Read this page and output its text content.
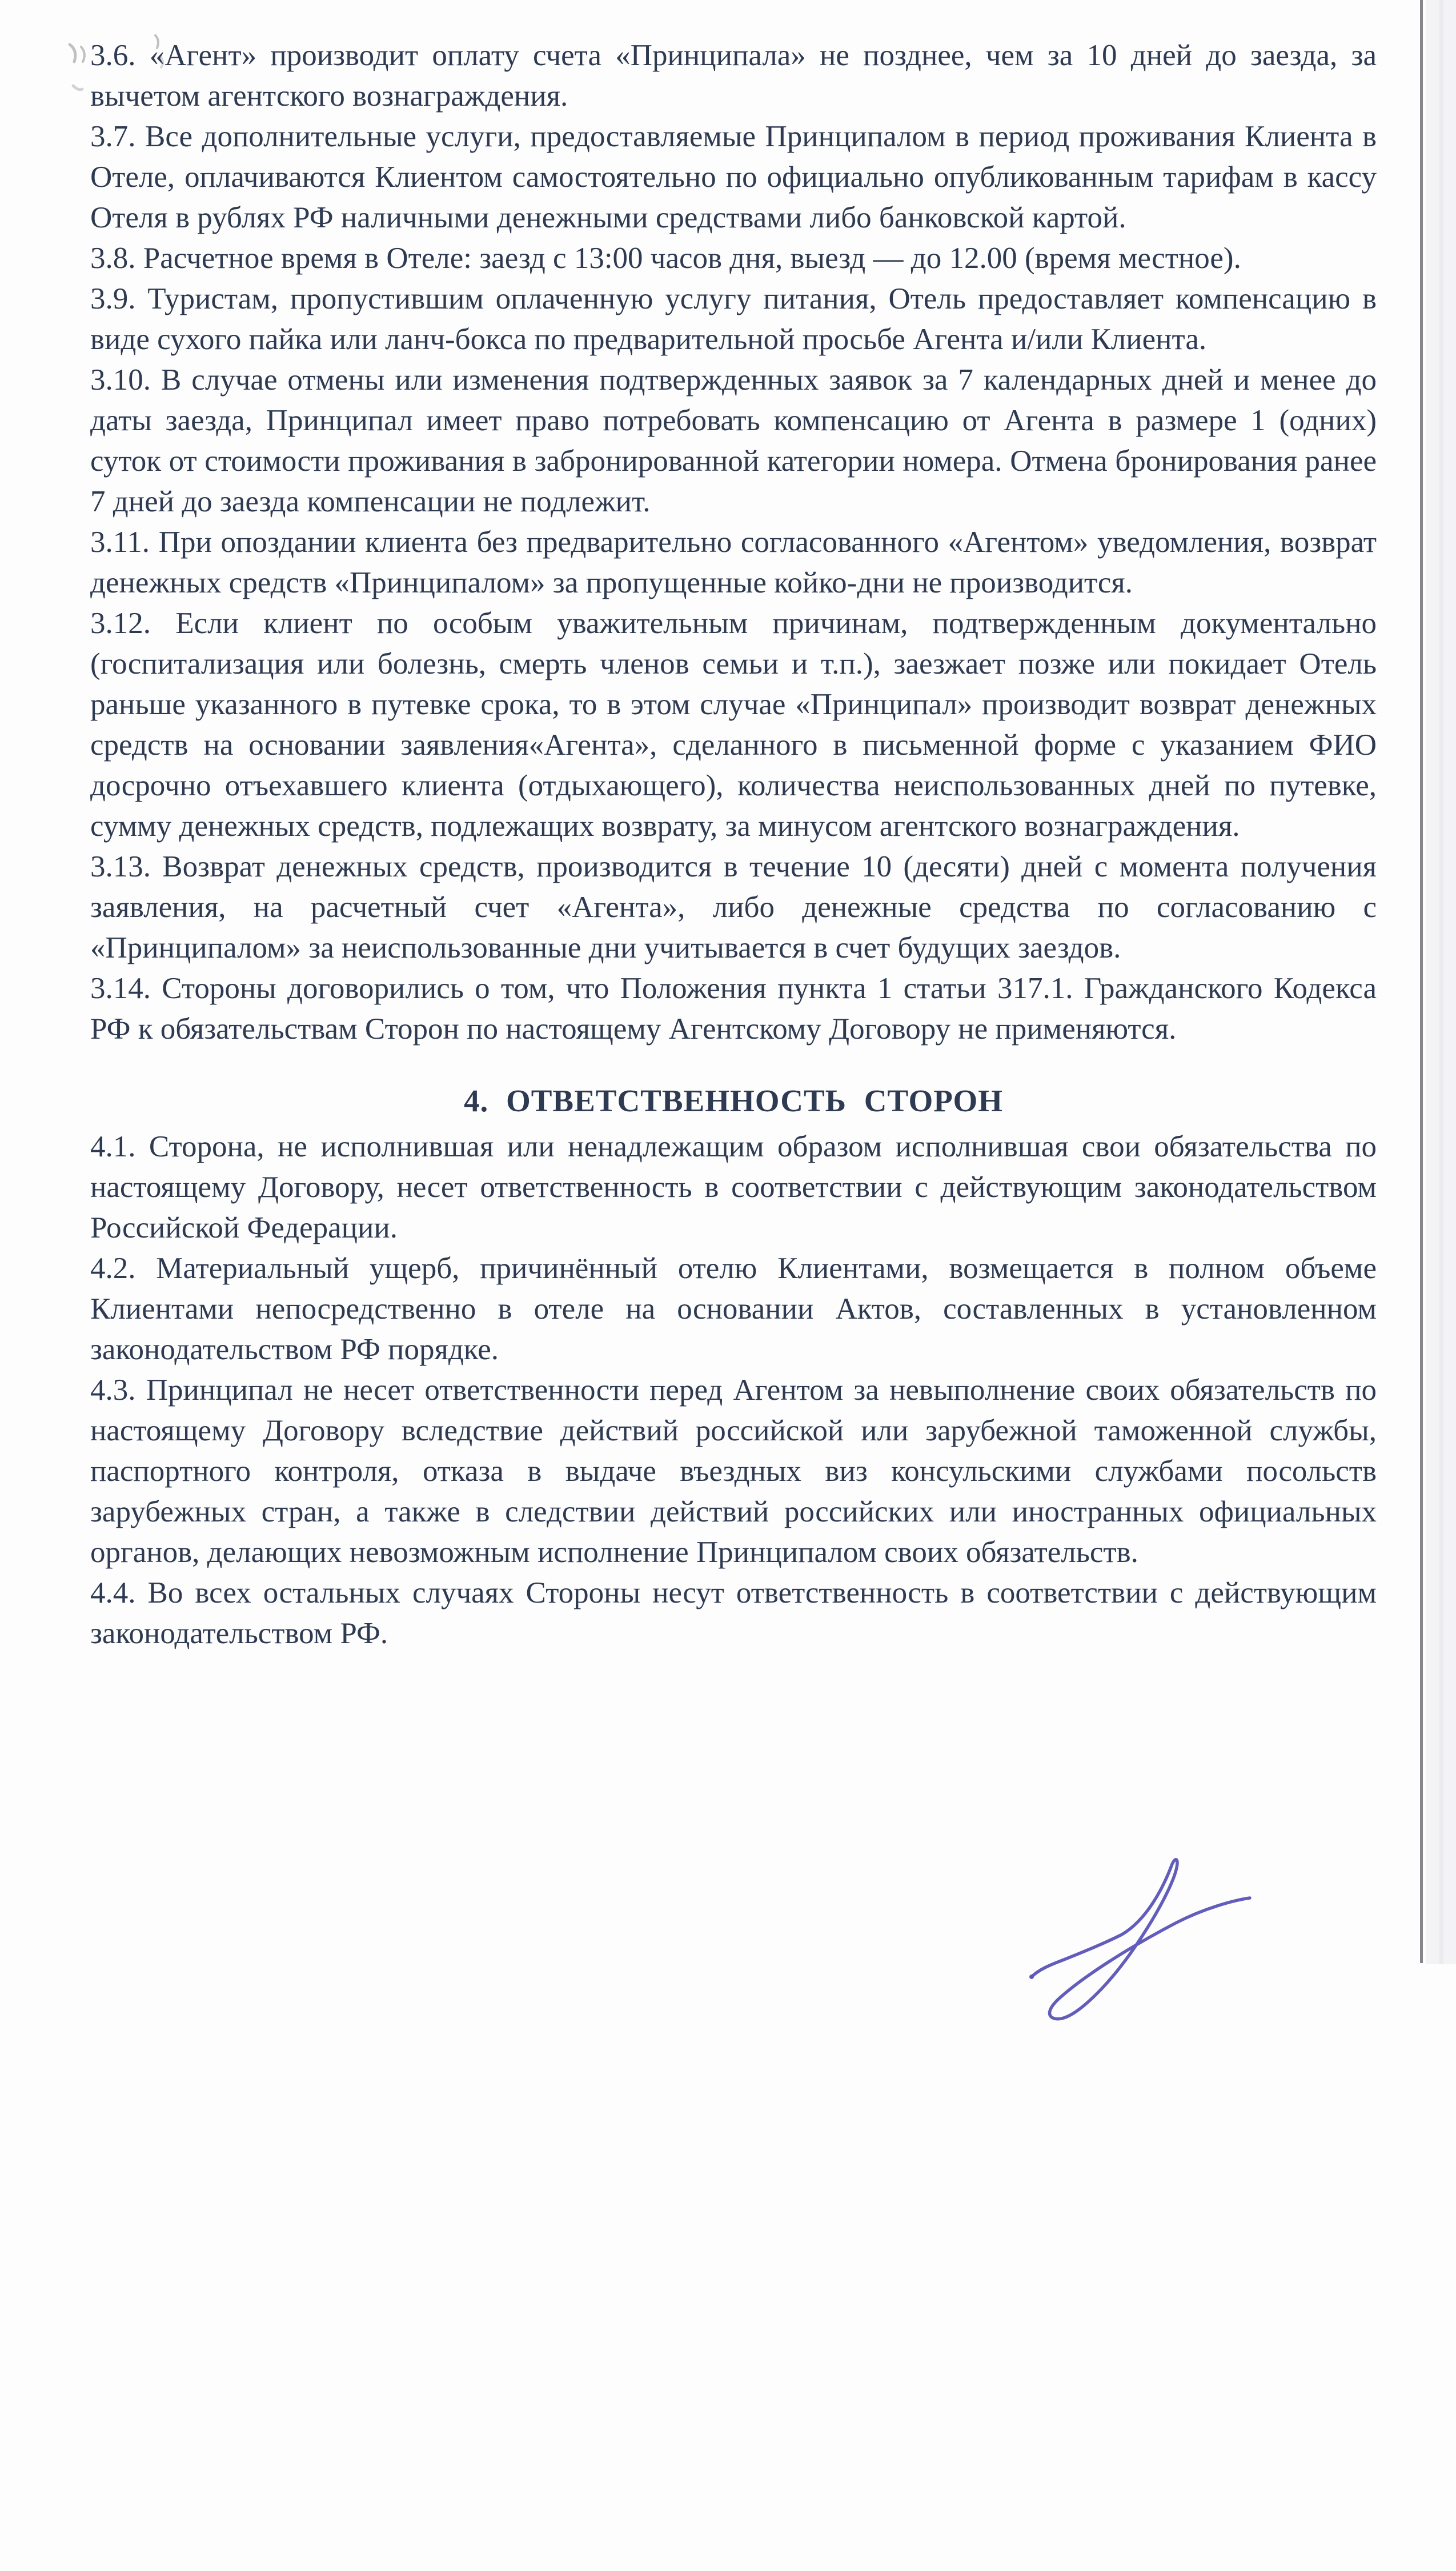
3.6. «Агент» производит оплату счета «Принципала» не позднее, чем за 10 дней до заезда, за вычетом агентского вознаграждения.

3.7. Все дополнительные услуги, предоставляемые Принципалом в период проживания Клиента в Отеле, оплачиваются Клиентом самостоятельно по официально опубликованным тарифам в кассу Отеля в рублях РФ наличными денежными средствами либо банковской картой.

3.8. Расчетное время в Отеле: заезд с 13:00 часов дня, выезд — до 12.00 (время местное).

3.9. Туристам, пропустившим оплаченную услугу питания, Отель предоставляет компенсацию в виде сухого пайка или ланч-бокса по предварительной просьбе Агента и/или Клиента.

3.10. В случае отмены или изменения подтвержденных заявок за 7 календарных дней и менее до даты заезда, Принципал имеет право потребовать компенсацию от Агента в размере 1 (одних) суток от стоимости проживания в забронированной категории номера. Отмена бронирования ранее 7 дней до заезда компенсации не подлежит.

3.11. При опоздании клиента без предварительно согласованного «Агентом» уведомления, возврат денежных средств «Принципалом» за пропущенные койко-дни не производится.

3.12. Если клиент по особым уважительным причинам, подтвержденным документально (госпитализация или болезнь, смерть членов семьи и т.п.), заезжает позже или покидает Отель раньше указанного в путевке срока, то в этом случае «Принципал» производит возврат денежных средств на основании заявления«Агента», сделанного в письменной форме с указанием ФИО досрочно отъехавшего клиента (отдыхающего), количества неиспользованных дней по путевке, сумму денежных средств, подлежащих возврату, за минусом агентского вознаграждения.

3.13. Возврат денежных средств, производится в течение 10 (десяти) дней с момента получения заявления, на расчетный счет «Агента», либо денежные средства по согласованию с «Принципалом» за неиспользованные дни учитывается в счет будущих заездов.

3.14. Стороны договорились о том, что Положения пункта 1 статьи 317.1. Гражданского Кодекса РФ к обязательствам Сторон по настоящему Агентскому Договору не применяются.

4. ОТВЕТСТВЕННОСТЬ СТОРОН

4.1. Сторона, не исполнившая или ненадлежащим образом исполнившая свои обязательства по настоящему Договору, несет ответственность в соответствии с действующим законодательством Российской Федерации.

4.2. Материальный ущерб, причинённый отелю Клиентами, возмещается в полном объеме Клиентами непосредственно в отеле на основании Актов, составленных в установленном законодательством РФ порядке.

4.3. Принципал не несет ответственности перед Агентом за невыполнение своих обязательств по настоящему Договору вследствие действий российской или зарубежной таможенной службы, паспортного контроля, отказа в выдаче въездных виз консульскими службами посольств зарубежных стран, а также в следствии действий российских или иностранных официальных органов, делающих невозможным исполнение Принципалом своих обязательств.

4.4. Во всех остальных случаях Стороны несут ответственность в соответствии с действующим законодательством РФ.
